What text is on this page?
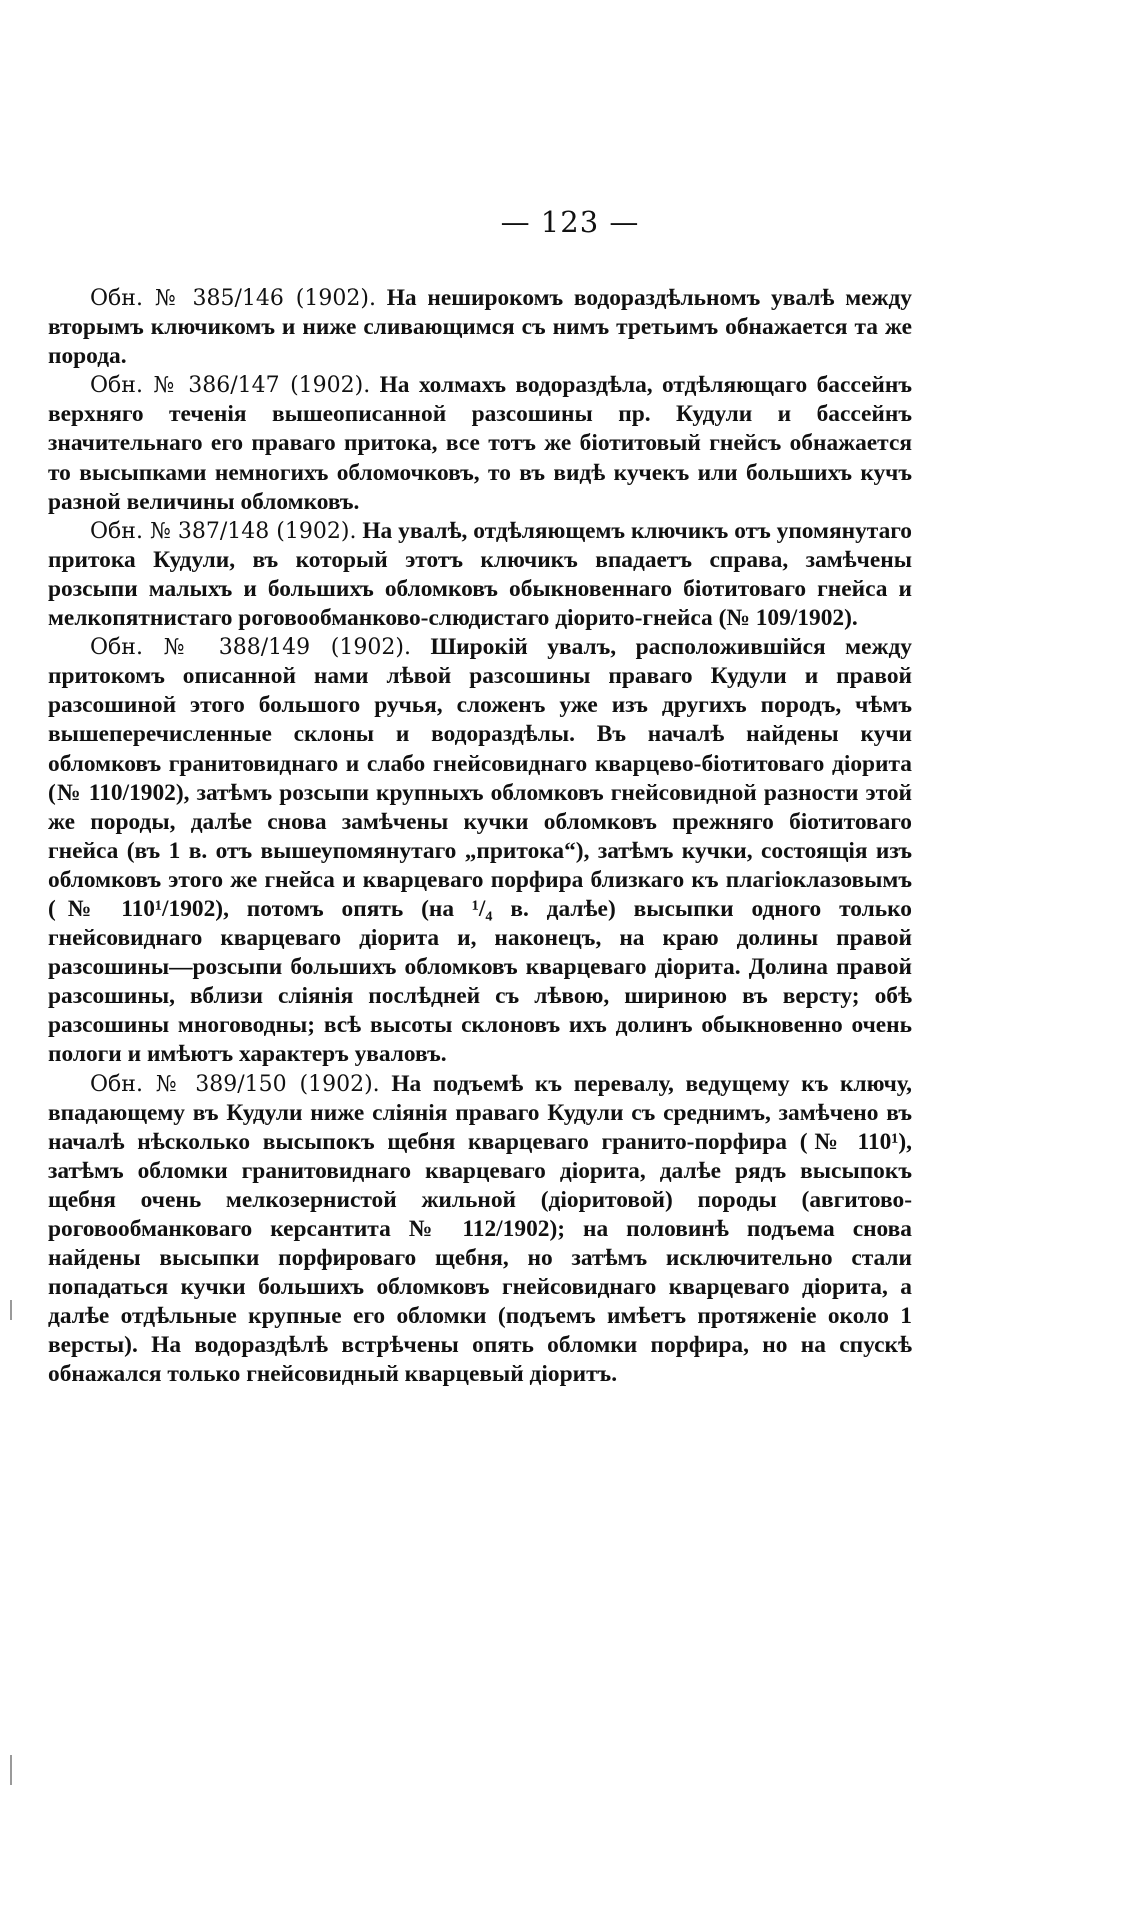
— 123 —

Обн. № 385/146 (1902). На неширокомъ водораздѣльномъ увалѣ между вторымъ ключикомъ и ниже сливающимся съ нимъ третьимъ обнажается та же порода.

Обн. № 386/147 (1902). На холмахъ водораздѣла, отдѣляющаго бассейнъ верхняго теченія вышеописанной разсошины пр. Кудули и бассейнъ значительнаго его праваго притока, все тотъ же біотитовый гнейсъ обнажается то высыпками немногихъ обломочковъ, то въ видѣ кучекъ или большихъ кучъ разной величины обломковъ.

Обн. № 387/148 (1902). На увалѣ, отдѣляющемъ ключикъ отъ упомянутаго притока Кудули, въ который этотъ ключикъ впадаетъ справа, замѣчены розсыпи малыхъ и большихъ обломковъ обыкновеннаго біотитоваго гнейса и мелкопятнистаго роговообманково-слюдистаго діорито-гнейса (№ 109/1902).

Обн. № 388/149 (1902). Широкій увалъ, расположившійся между притокомъ описанной нами лѣвой разсошины праваго Кудули и правой разсошиной этого большого ручья, сложенъ уже изъ другихъ породъ, чѣмъ вышеперечисленные склоны и водораздѣлы. Въ началѣ найдены кучи обломковъ гранитовиднаго и слабо гнейсовиднаго кварцево-біотитоваго діорита (№ 110/1902), затѣмъ розсыпи крупныхъ обломковъ гнейсовидной разности этой же породы, далѣе снова замѣчены кучки обломковъ прежняго біотитоваго гнейса (въ 1 в. отъ вышеупомянутаго „притока“), затѣмъ кучки, состоящія изъ обломковъ этого же гнейса и кварцеваго порфира близкаго къ плагіоклазовымъ (№ 110¹/1902), потомъ опять (на ¹/₄ в. далѣе) высыпки одного только гнейсовиднаго кварцеваго діорита и, наконецъ, на краю долины правой разсошины—розсыпи большихъ обломковъ кварцеваго діорита. Долина правой разсошины, вблизи слiянія послѣдней съ лѣвою, шириною въ версту; обѣ разсошины многоводны; всѣ высоты склоновъ ихъ долинъ обыкновенно очень пологи и имѣютъ характеръ уваловъ.

Обн. № 389/150 (1902). На подъемѣ къ перевалу, ведущему къ ключу, впадающему въ Кудули ниже слiянія праваго Кудули съ среднимъ, замѣчено въ началѣ нѣсколько высыпокъ щебня кварцеваго гранито-порфира (№ 110¹), затѣмъ обломки гранитовиднаго кварцеваго діорита, далѣе рядъ высыпокъ щебня очень мелкозернистой жильной (діоритовой) породы (авгитово-роговообманковаго керсантита № 112/1902); на половинѣ подъема снова найдены высыпки порфироваго щебня, но затѣмъ исключительно стали попадаться кучки большихъ обломковъ гнейсовиднаго кварцеваго діорита, а далѣе отдѣльные крупные его обломки (подъемъ имѣетъ протяженіе около 1 версты). На водораздѣлѣ встрѣчены опять обломки порфира, но на спускѣ обнажался только гнейсовидный кварцевый діоритъ.
